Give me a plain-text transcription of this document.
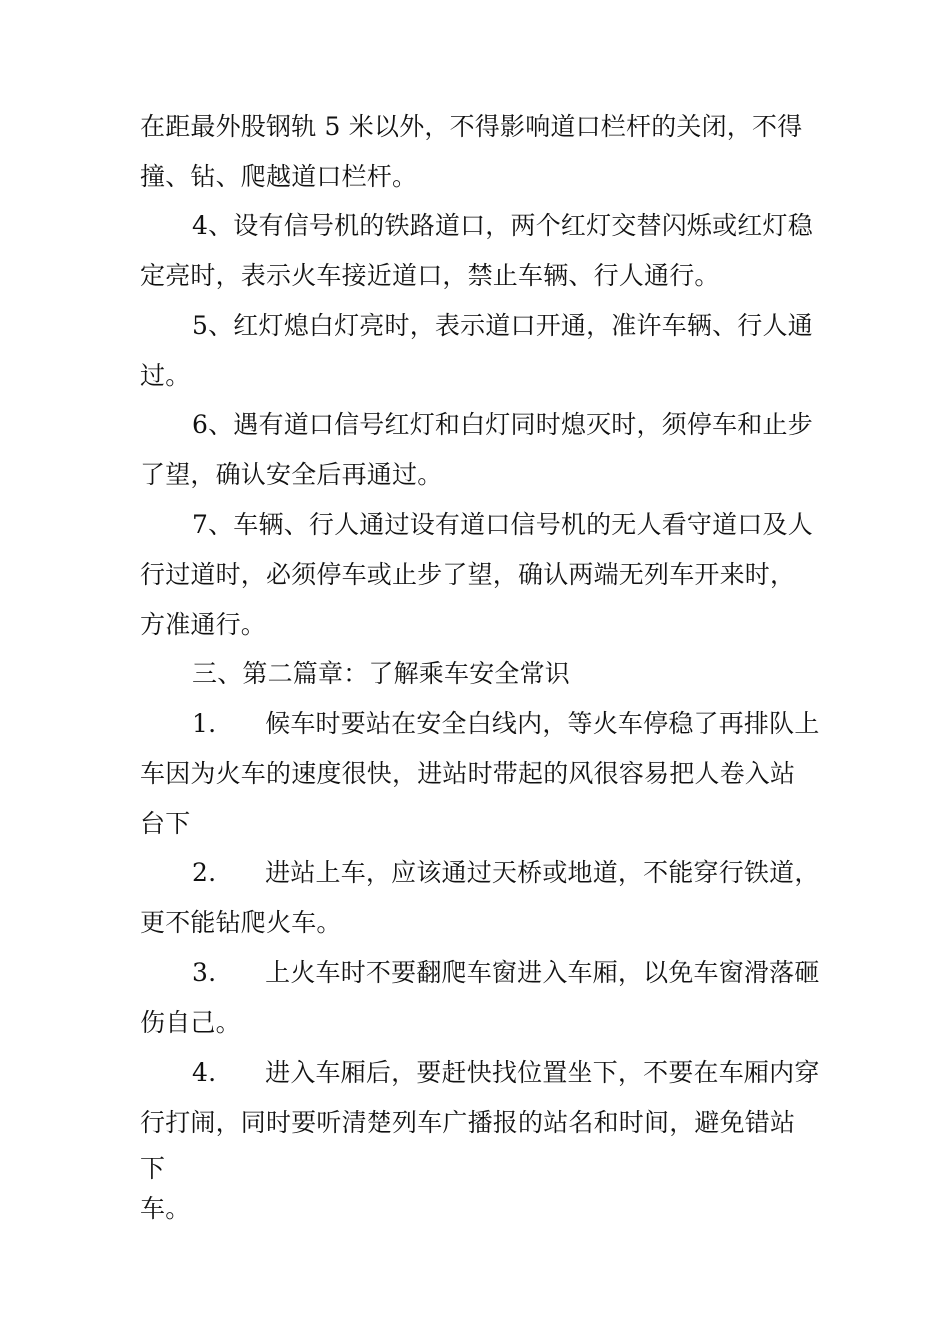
在距最外股钢轨 5 米以外，不得影响道口栏杆的关闭，不得
撞、钻、爬越道口栏杆。
4、设有信号机的铁路道口，两个红灯交替闪烁或红灯稳
定亮时，表示火车接近道口，禁止车辆、行人通行。
5、红灯熄白灯亮时，表示道口开通，准许车辆、行人通
过。
6、遇有道口信号红灯和白灯同时熄灭时，须停车和止步
了望，确认安全后再通过。
7、车辆、行人通过设有道口信号机的无人看守道口及人
行过道时，必须停车或止步了望，确认两端无列车开来时，
方准通行。
三、第二篇章：了解乘车安全常识
1.      候车时要站在安全白线内，等火车停稳了再排队上
车因为火车的速度很快，进站时带起的风很容易把人卷入站
台下
2.      进站上车，应该通过天桥或地道，不能穿行铁道，
更不能钻爬火车。
3.      上火车时不要翻爬车窗进入车厢，以免车窗滑落砸
伤自己。
4.      进入车厢后，要赶快找位置坐下，不要在车厢内穿
行打闹，同时要听清楚列车广播报的站名和时间，避免错站
下
车。
